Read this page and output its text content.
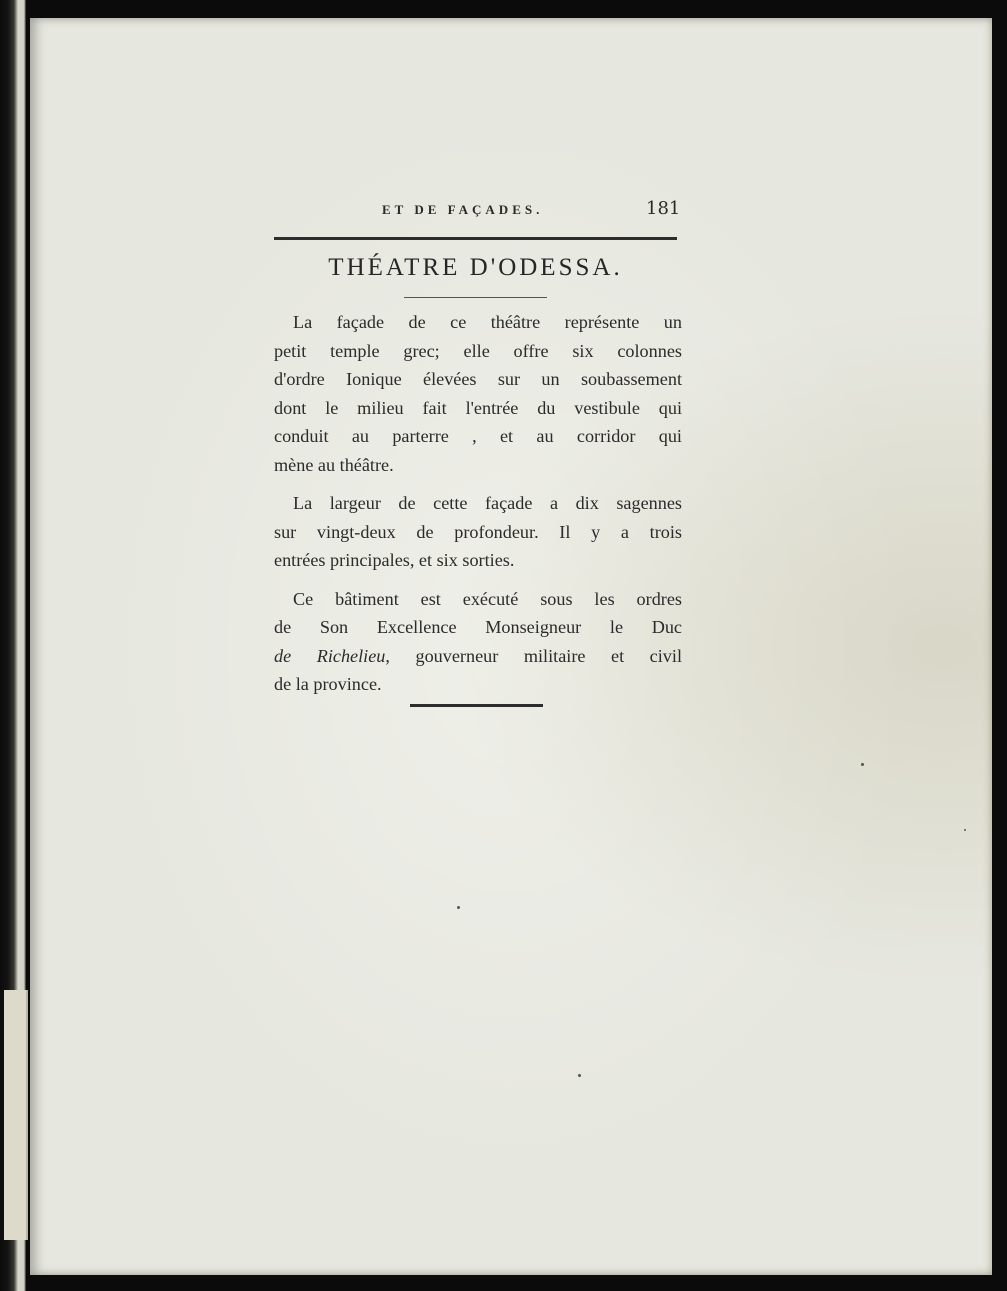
ET DE FAÇADES.	181
THÉATRE D'ODESSA.
La façade de ce théâtre représente un
petit temple grec; elle offre six colonnes
d'ordre Ionique élevées sur un soubassement
dont le milieu fait l'entrée du vestibule qui
conduit au parterre , et au corridor qui
mène au théâtre.
La largeur de cette façade a dix sagennes
sur vingt-deux de profondeur. Il y a trois
entrées principales, et six sorties.
Ce bâtiment est exécuté sous les ordres
de Son Excellence Monseigneur le Duc
de Richelieu, gouverneur militaire et civil
de la province.
